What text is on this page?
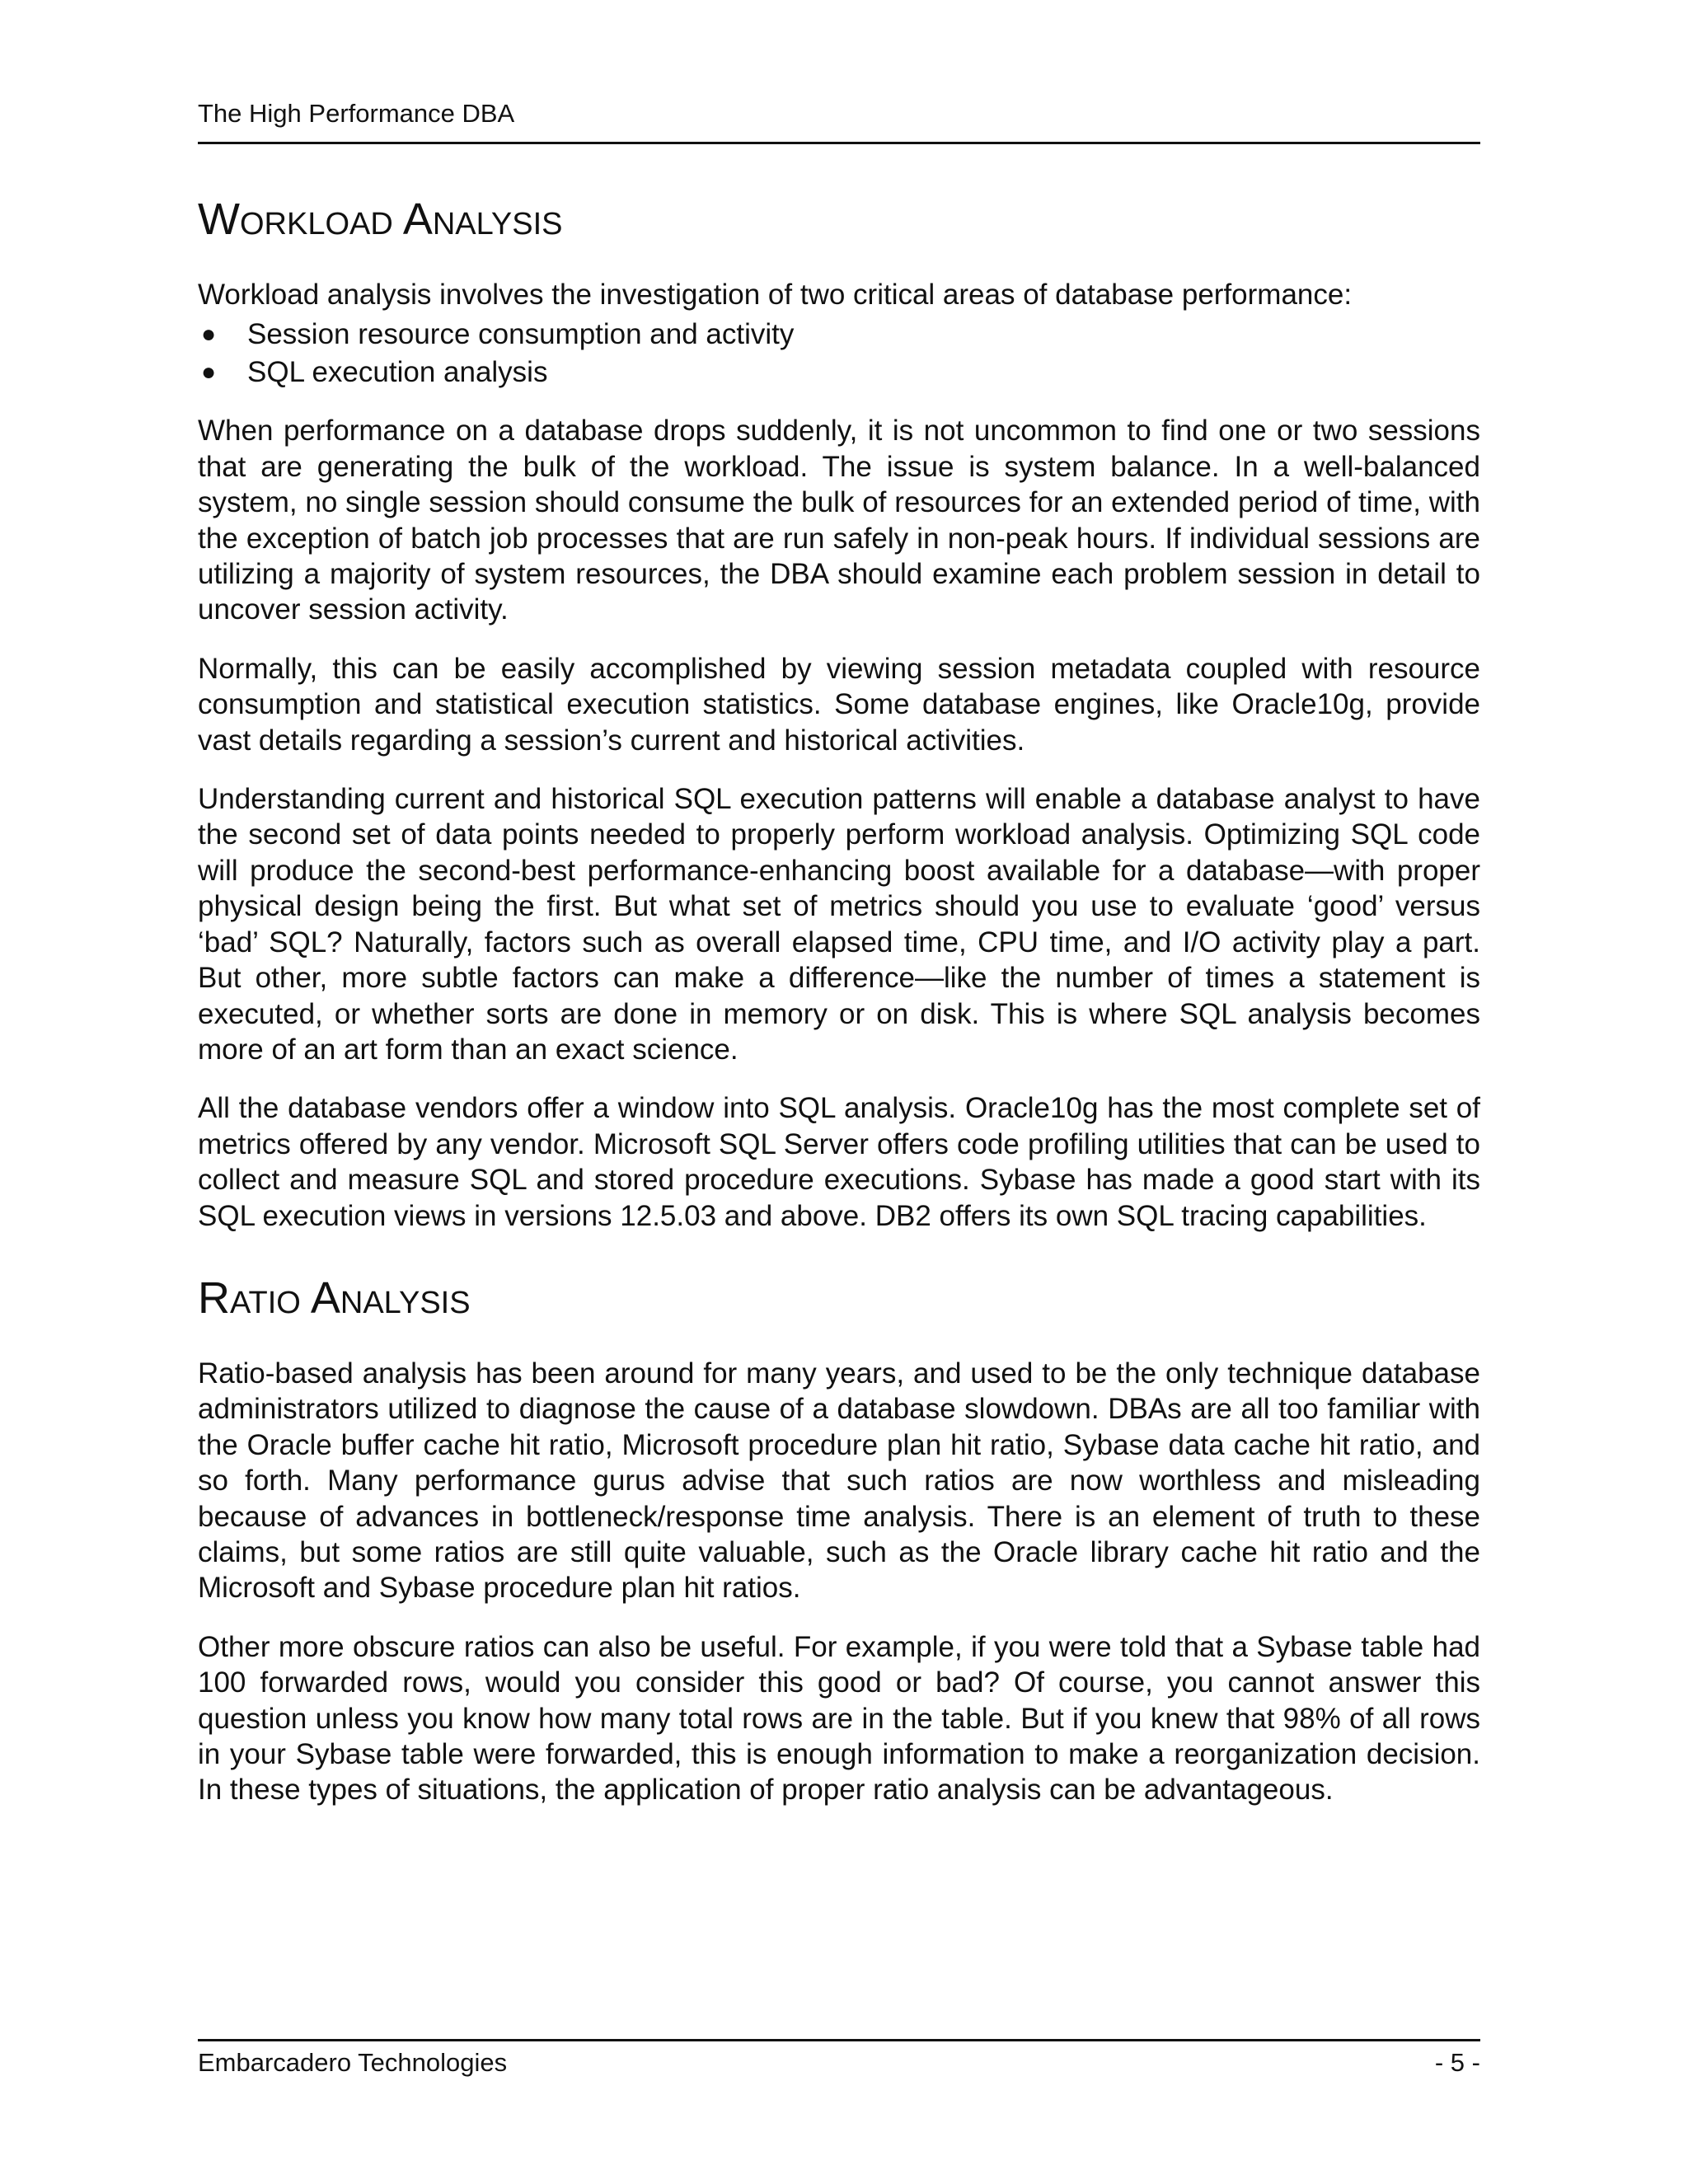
The High Performance DBA
Workload Analysis

Workload analysis involves the investigation of two critical areas of database performance:

● Session resource consumption and activity
● SQL execution analysis

When performance on a database drops suddenly, it is not uncommon to find one or two sessions that are generating the bulk of the workload. The issue is system balance. In a well-balanced system, no single session should consume the bulk of resources for an extended period of time, with the exception of batch job processes that are run safely in non-peak hours. If individual sessions are utilizing a majority of system resources, the DBA should examine each problem session in detail to uncover session activity.

Normally, this can be easily accomplished by viewing session metadata coupled with resource consumption and statistical execution statistics. Some database engines, like Oracle10g, provide vast details regarding a session’s current and historical activities.

Understanding current and historical SQL execution patterns will enable a database analyst to have the second set of data points needed to properly perform workload analysis. Optimizing SQL code will produce the second-best performance-enhancing boost available for a database—with proper physical design being the first. But what set of metrics should you use to evaluate ‘good’ versus ‘bad’ SQL? Naturally, factors such as overall elapsed time, CPU time, and I/O activity play a part. But other, more subtle factors can make a difference—like the number of times a statement is executed, or whether sorts are done in memory or on disk. This is where SQL analysis becomes more of an art form than an exact science.

All the database vendors offer a window into SQL analysis. Oracle10g has the most complete set of metrics offered by any vendor. Microsoft SQL Server offers code profiling utilities that can be used to collect and measure SQL and stored procedure executions. Sybase has made a good start with its SQL execution views in versions 12.5.03 and above. DB2 offers its own SQL tracing capabilities.

Ratio Analysis

Ratio-based analysis has been around for many years, and used to be the only technique database administrators utilized to diagnose the cause of a database slowdown. DBAs are all too familiar with the Oracle buffer cache hit ratio, Microsoft procedure plan hit ratio, Sybase data cache hit ratio, and so forth. Many performance gurus advise that such ratios are now worthless and misleading because of advances in bottleneck/response time analysis. There is an element of truth to these claims, but some ratios are still quite valuable, such as the Oracle library cache hit ratio and the Microsoft and Sybase procedure plan hit ratios.

Other more obscure ratios can also be useful. For example, if you were told that a Sybase table had 100 forwarded rows, would you consider this good or bad? Of course, you cannot answer this question unless you know how many total rows are in the table. But if you knew that 98% of all rows in your Sybase table were forwarded, this is enough information to make a reorganization decision. In these types of situations, the application of proper ratio analysis can be advantageous.

Embarcadero Technologies	- 5 -
